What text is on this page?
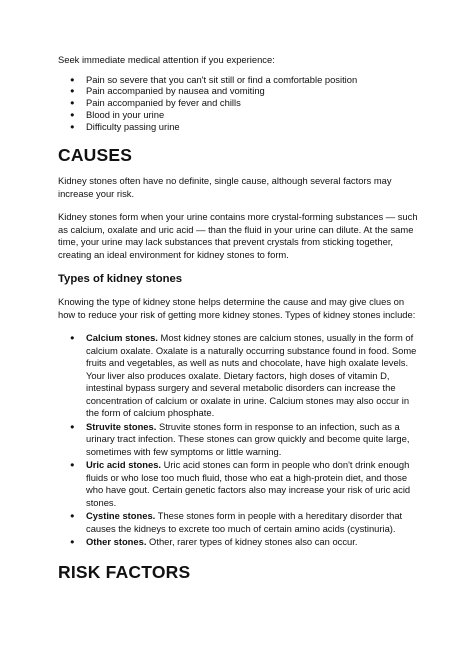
Seek immediate medical attention if you experience:

● Pain so severe that you can't sit still or find a comfortable position
● Pain accompanied by nausea and vomiting
● Pain accompanied by fever and chills
● Blood in your urine
● Difficulty passing urine
CAUSES

Kidney stones often have no definite, single cause, although several factors may increase your risk.

Kidney stones form when your urine contains more crystal-forming substances — such as calcium, oxalate and uric acid — than the fluid in your urine can dilute. At the same time, your urine may lack substances that prevent crystals from sticking together, creating an ideal environment for kidney stones to form.

Types of kidney stones

Knowing the type of kidney stone helps determine the cause and may give clues on how to reduce your risk of getting more kidney stones. Types of kidney stones include:

● Calcium stones. Most kidney stones are calcium stones, usually in the form of calcium oxalate. Oxalate is a naturally occurring substance found in food. Some fruits and vegetables, as well as nuts and chocolate, have high oxalate levels. Your liver also produces oxalate. Dietary factors, high doses of vitamin D, intestinal bypass surgery and several metabolic disorders can increase the concentration of calcium or oxalate in urine. Calcium stones may also occur in the form of calcium phosphate.
● Struvite stones. Struvite stones form in response to an infection, such as a urinary tract infection. These stones can grow quickly and become quite large, sometimes with few symptoms or little warning.
● Uric acid stones. Uric acid stones can form in people who don't drink enough fluids or who lose too much fluid, those who eat a high-protein diet, and those who have gout. Certain genetic factors also may increase your risk of uric acid stones.
● Cystine stones. These stones form in people with a hereditary disorder that causes the kidneys to excrete too much of certain amino acids (cystinuria).
● Other stones. Other, rarer types of kidney stones also can occur.
RISK FACTORS
